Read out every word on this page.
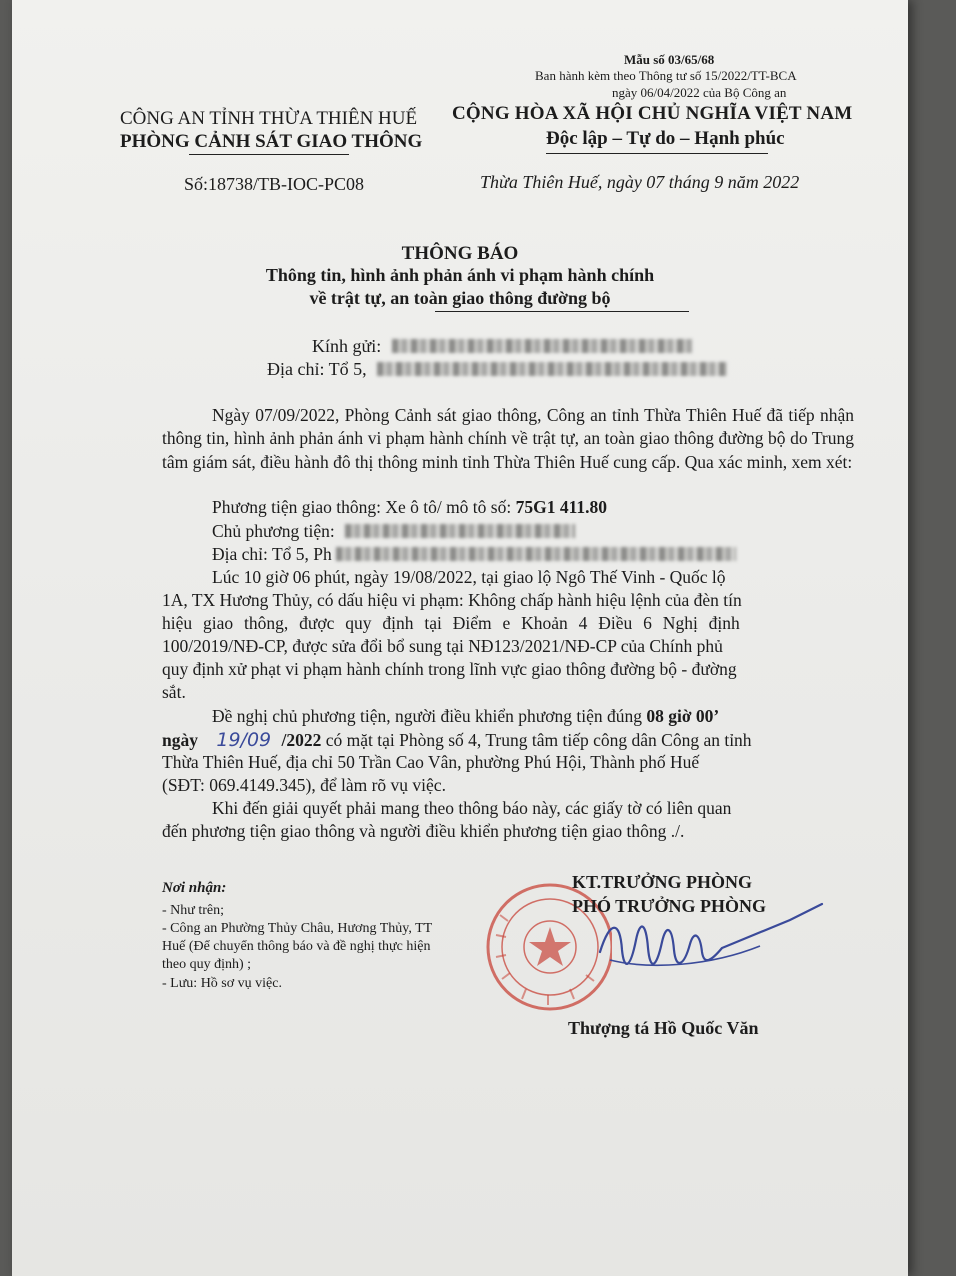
Mẫu số 03/65/68
Ban hành kèm theo Thông tư số 15/2022/TT-BCA
ngày 06/04/2022 của Bộ Công an
CÔNG AN TỈNH THỪA THIÊN HUẾ
PHÒNG CẢNH SÁT GIAO THÔNG
CỘNG HÒA XÃ HỘI CHỦ NGHĨA VIỆT NAM
Độc lập – Tự do – Hạnh phúc
Số:18738/TB-IOC-PC08	Thừa Thiên Huế, ngày 07 tháng 9 năm 2022
THÔNG BÁO
Thông tin, hình ảnh phản ánh vi phạm hành chính
về trật tự, an toàn giao thông đường bộ
Kính gửi:
Địa chỉ: Tổ 5,
Ngày 07/09/2022, Phòng Cảnh sát giao thông, Công an tỉnh Thừa Thiên Huế đã tiếp nhận thông tin, hình ảnh phản ánh vi phạm hành chính về trật tự, an toàn giao thông đường bộ do Trung tâm giám sát, điều hành đô thị thông minh tỉnh Thừa Thiên Huế cung cấp. Qua xác minh, xem xét:
Phương tiện giao thông: Xe ô tô/ mô tô số: 75G1 411.80
Chủ phương tiện:
Địa chỉ: Tổ 5, Ph
Lúc 10 giờ 06 phút, ngày 19/08/2022, tại giao lộ Ngô Thế Vinh - Quốc lộ
1A, TX Hương Thủy, có dấu hiệu vi phạm: Không chấp hành hiệu lệnh của đèn tín
hiệu giao thông, được quy định tại Điểm e Khoản 4 Điều 6 Nghị định
100/2019/NĐ-CP, được sửa đổi bổ sung tại NĐ123/2021/NĐ-CP của Chính phủ
quy định xử phạt vi phạm hành chính trong lĩnh vực giao thông đường bộ - đường
sắt.
Đề nghị chủ phương tiện, người điều khiển phương tiện đúng 08 giờ 00’
ngày 19/09 /2022 có mặt tại Phòng số 4, Trung tâm tiếp công dân Công an tỉnh
Thừa Thiên Huế, địa chỉ 50 Trần Cao Vân, phường Phú Hội, Thành phố Huế
(SĐT: 069.4149.345), để làm rõ vụ việc.
Khi đến giải quyết phải mang theo thông báo này, các giấy tờ có liên quan
đến phương tiện giao thông và người điều khiển phương tiện giao thông ./.
Nơi nhận:
- Như trên;
- Công an Phường Thủy Châu, Hương Thủy, TT
Huế (Để chuyển thông báo và đề nghị thực hiện
theo quy định) ;
- Lưu: Hồ sơ vụ việc.
KT.TRƯỞNG PHÒNG
PHÓ TRƯỞNG PHÒNG
Thượng tá Hồ Quốc Văn
